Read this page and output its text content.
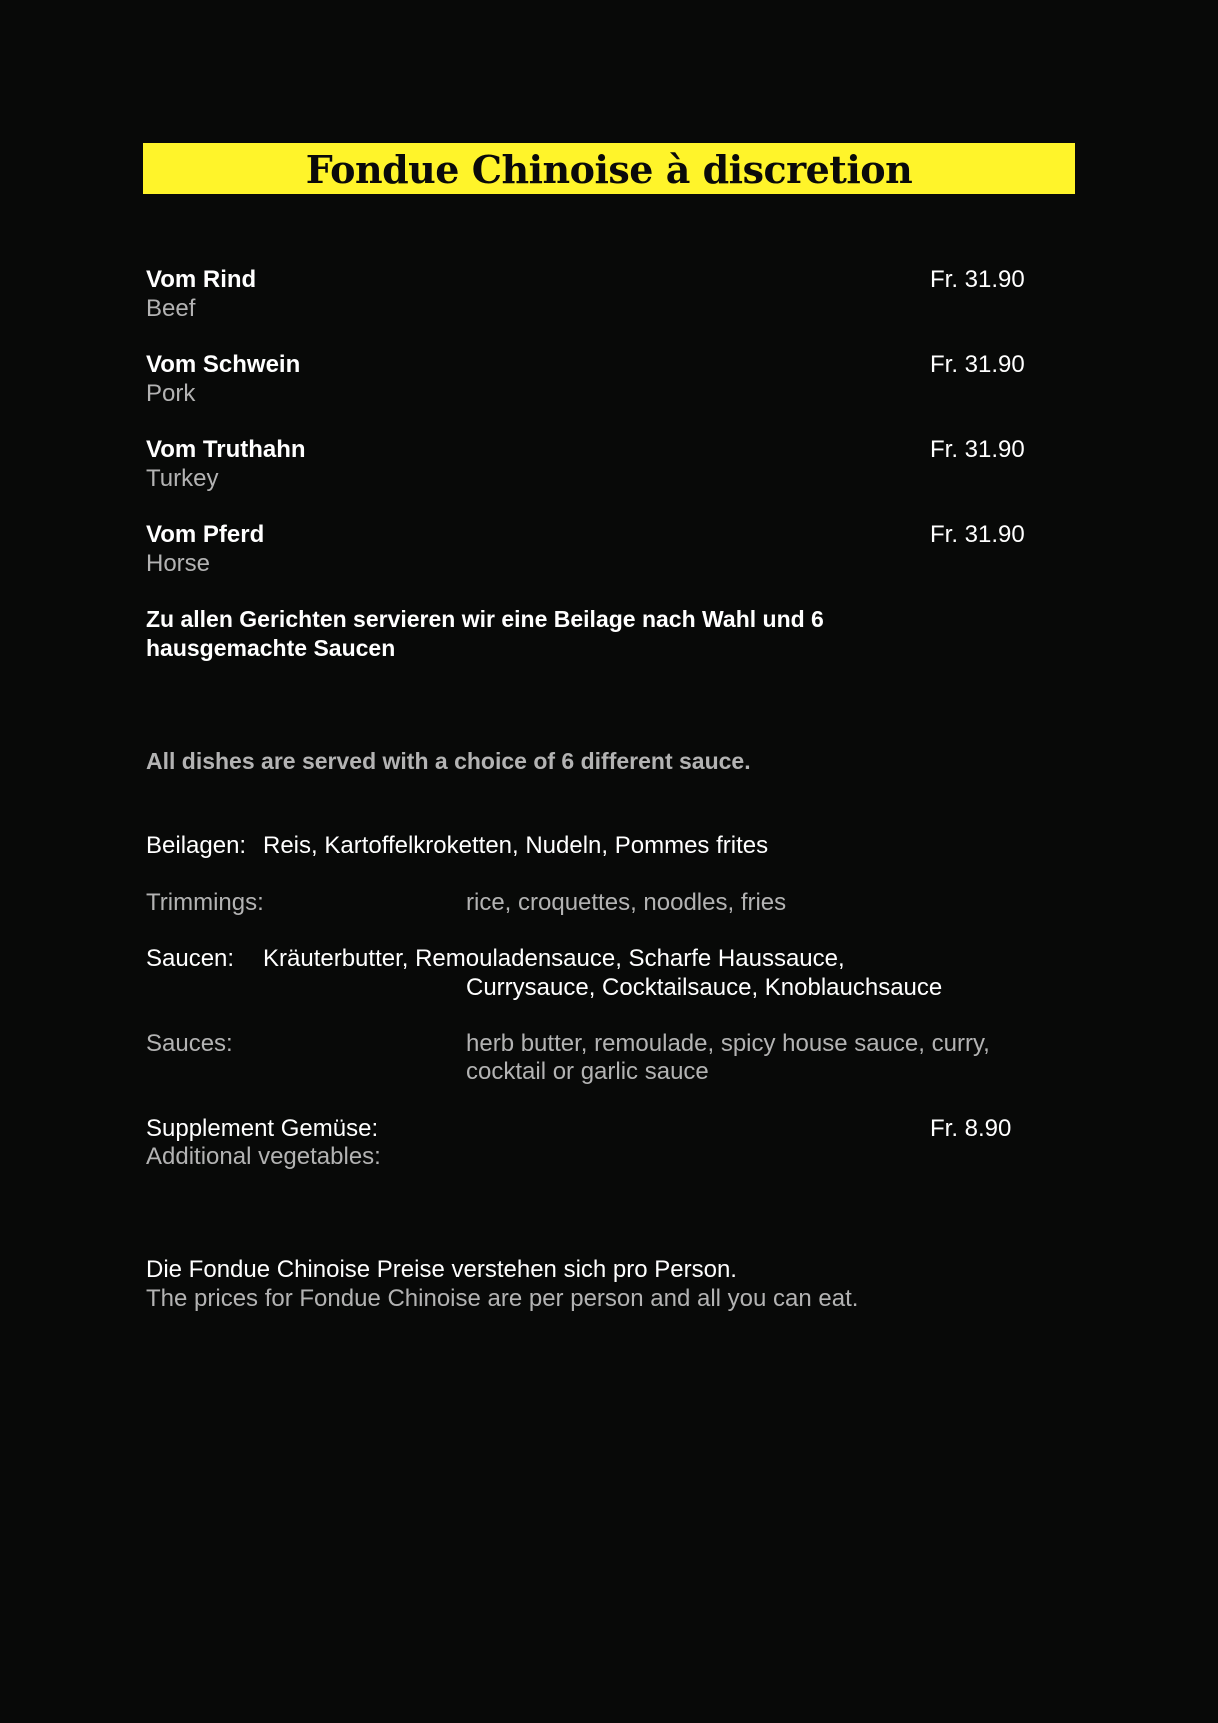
Fondue Chinoise à discretion
Vom Rind
Beef
Fr. 31.90
Vom Schwein
Pork
Fr. 31.90
Vom Truthahn
Turkey
Fr. 31.90
Vom Pferd
Horse
Fr. 31.90
Zu allen Gerichten servieren wir eine Beilage nach Wahl und 6 hausgemachte Saucen
All dishes are served with a choice of 6 different sauce.
Beilagen: Reis, Kartoffelkroketten, Nudeln, Pommes frites
Trimmings:	rice, croquettes, noodles, fries
Saucen: Kräuterbutter, Remouladensauce, Scharfe Haussauce,
Currysauce, Cocktailsauce, Knoblauchsauce
Sauces:	herb butter, remoulade, spicy house sauce, curry,
cocktail or garlic sauce
Supplement Gemüse:
Additional vegetables:
Fr. 8.90
Die Fondue Chinoise Preise verstehen sich pro Person.
The prices for Fondue Chinoise are per person and all you can eat.
